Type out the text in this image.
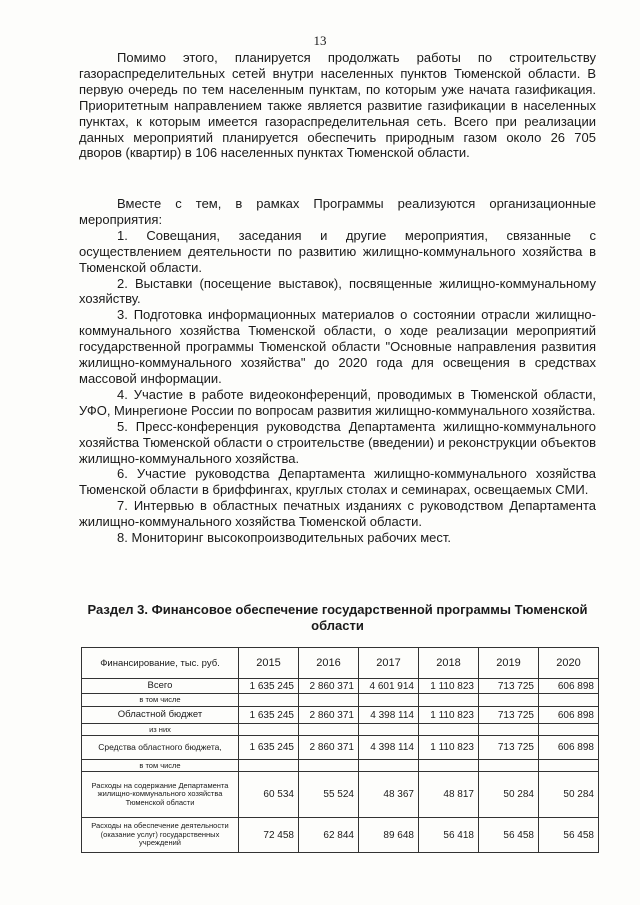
13

Помимо этого, планируется продолжать работы по строительству газораспределительных сетей внутри населенных пунктов Тюменской области. В первую очередь по тем населенным пунктам, по которым уже начата газификация. Приоритетным направлением также является развитие газификации в населенных пунктах, к которым имеется газораспределительная сеть. Всего при реализации данных мероприятий планируется обеспечить природным газом около 26 705 дворов (квартир) в 106 населенных пунктах Тюменской области.

Вместе с тем, в рамках Программы реализуются организационные мероприятия:

1. Совещания, заседания и другие мероприятия, связанные с осуществлением деятельности по развитию жилищно-коммунального хозяйства в Тюменской области.

2. Выставки (посещение выставок), посвященные жилищно-коммунальному хозяйству.

3. Подготовка информационных материалов о состоянии отрасли жилищно-коммунального хозяйства Тюменской области, о ходе реализации мероприятий государственной программы Тюменской области "Основные направления развития жилищно-коммунального хозяйства" до 2020 года для освещения в средствах массовой информации.

4. Участие в работе видеоконференций, проводимых в Тюменской области, УФО, Минрегионе России по вопросам развития жилищно-коммунального хозяйства.

5. Пресс-конференция руководства Департамента жилищно-коммунального хозяйства Тюменской области о строительстве (введении) и реконструкции объектов жилищно-коммунального хозяйства.

6. Участие руководства Департамента жилищно-коммунального хозяйства Тюменской области в бриффингах, круглых столах и семинарах, освещаемых СМИ.

7. Интервью в областных печатных изданиях с руководством Департамента жилищно-коммунального хозяйства Тюменской области.

8. Мониторинг высокопроизводительных рабочих мест.

Раздел 3. Финансовое обеспечение государственной программы Тюменской области
Финансирование, тыс. руб.	2015	2016	2017	2018	2019	2020
Всего	1 635 245	2 860 371	4 601 914	1 110 823	713 725	606 898
в том числе						
Областной бюджет	1 635 245	2 860 371	4 398 114	1 110 823	713 725	606 898
из них						
Средства областного бюджета,	1 635 245	2 860 371	4 398 114	1 110 823	713 725	606 898
в том числе						
Расходы на содержание Департамента жилищно-коммунального хозяйства Тюменской области	60 534	55 524	48 367	48 817	50 284	50 284
Расходы на обеспечение деятельности (оказание услуг) государственных учреждений	72 458	62 844	89 648	56 418	56 458	56 458
